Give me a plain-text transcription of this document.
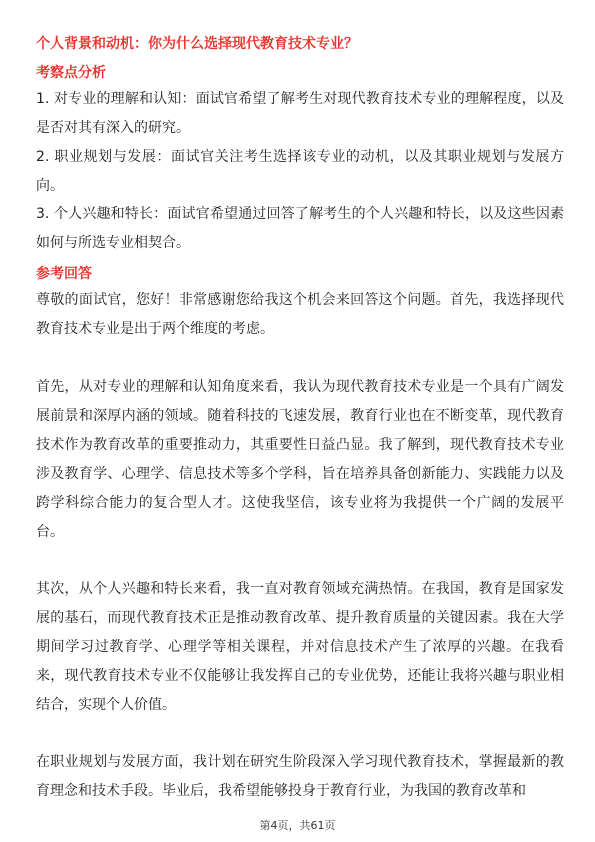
个人背景和动机：你为什么选择现代教育技术专业？
考察点分析
1. 对专业的理解和认知：面试官希望了解考生对现代教育技术专业的理解程度，以及是否对其有深入的研究。
2. 职业规划与发展：面试官关注考生选择该专业的动机，以及其职业规划与发展方向。
3. 个人兴趣和特长：面试官希望通过回答了解考生的个人兴趣和特长，以及这些因素如何与所选专业相契合。
参考回答
尊敬的面试官，您好！非常感谢您给我这个机会来回答这个问题。首先，我选择现代教育技术专业是出于两个维度的考虑。
首先，从对专业的理解和认知角度来看，我认为现代教育技术专业是一个具有广阔发展前景和深厚内涵的领域。随着科技的飞速发展，教育行业也在不断变革，现代教育技术作为教育改革的重要推动力，其重要性日益凸显。我了解到，现代教育技术专业涉及教育学、心理学、信息技术等多个学科，旨在培养具备创新能力、实践能力以及跨学科综合能力的复合型人才。这使我坚信，该专业将为我提供一个广阔的发展平台。
其次，从个人兴趣和特长来看，我一直对教育领域充满热情。在我国，教育是国家发展的基石，而现代教育技术正是推动教育改革、提升教育质量的关键因素。我在大学期间学习过教育学、心理学等相关课程，并对信息技术产生了浓厚的兴趣。在我看来，现代教育技术专业不仅能够让我发挥自己的专业优势，还能让我将兴趣与职业相结合，实现个人价值。
在职业规划与发展方面，我计划在研究生阶段深入学习现代教育技术，掌握最新的教育理念和技术手段。毕业后，我希望能够投身于教育行业，为我国的教育改革和
第4页，共61页
